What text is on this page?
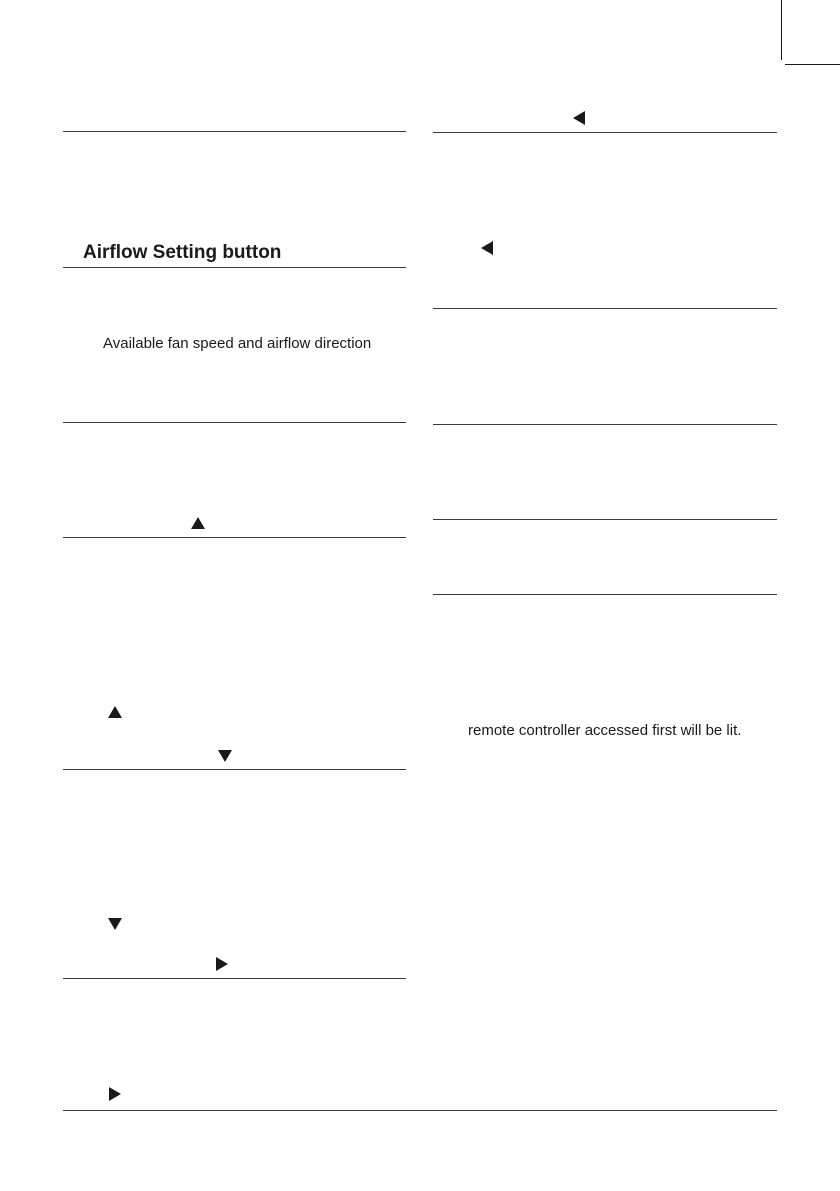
Airflow Setting button
Available fan speed and airflow direction
remote controller accessed first will be lit.
